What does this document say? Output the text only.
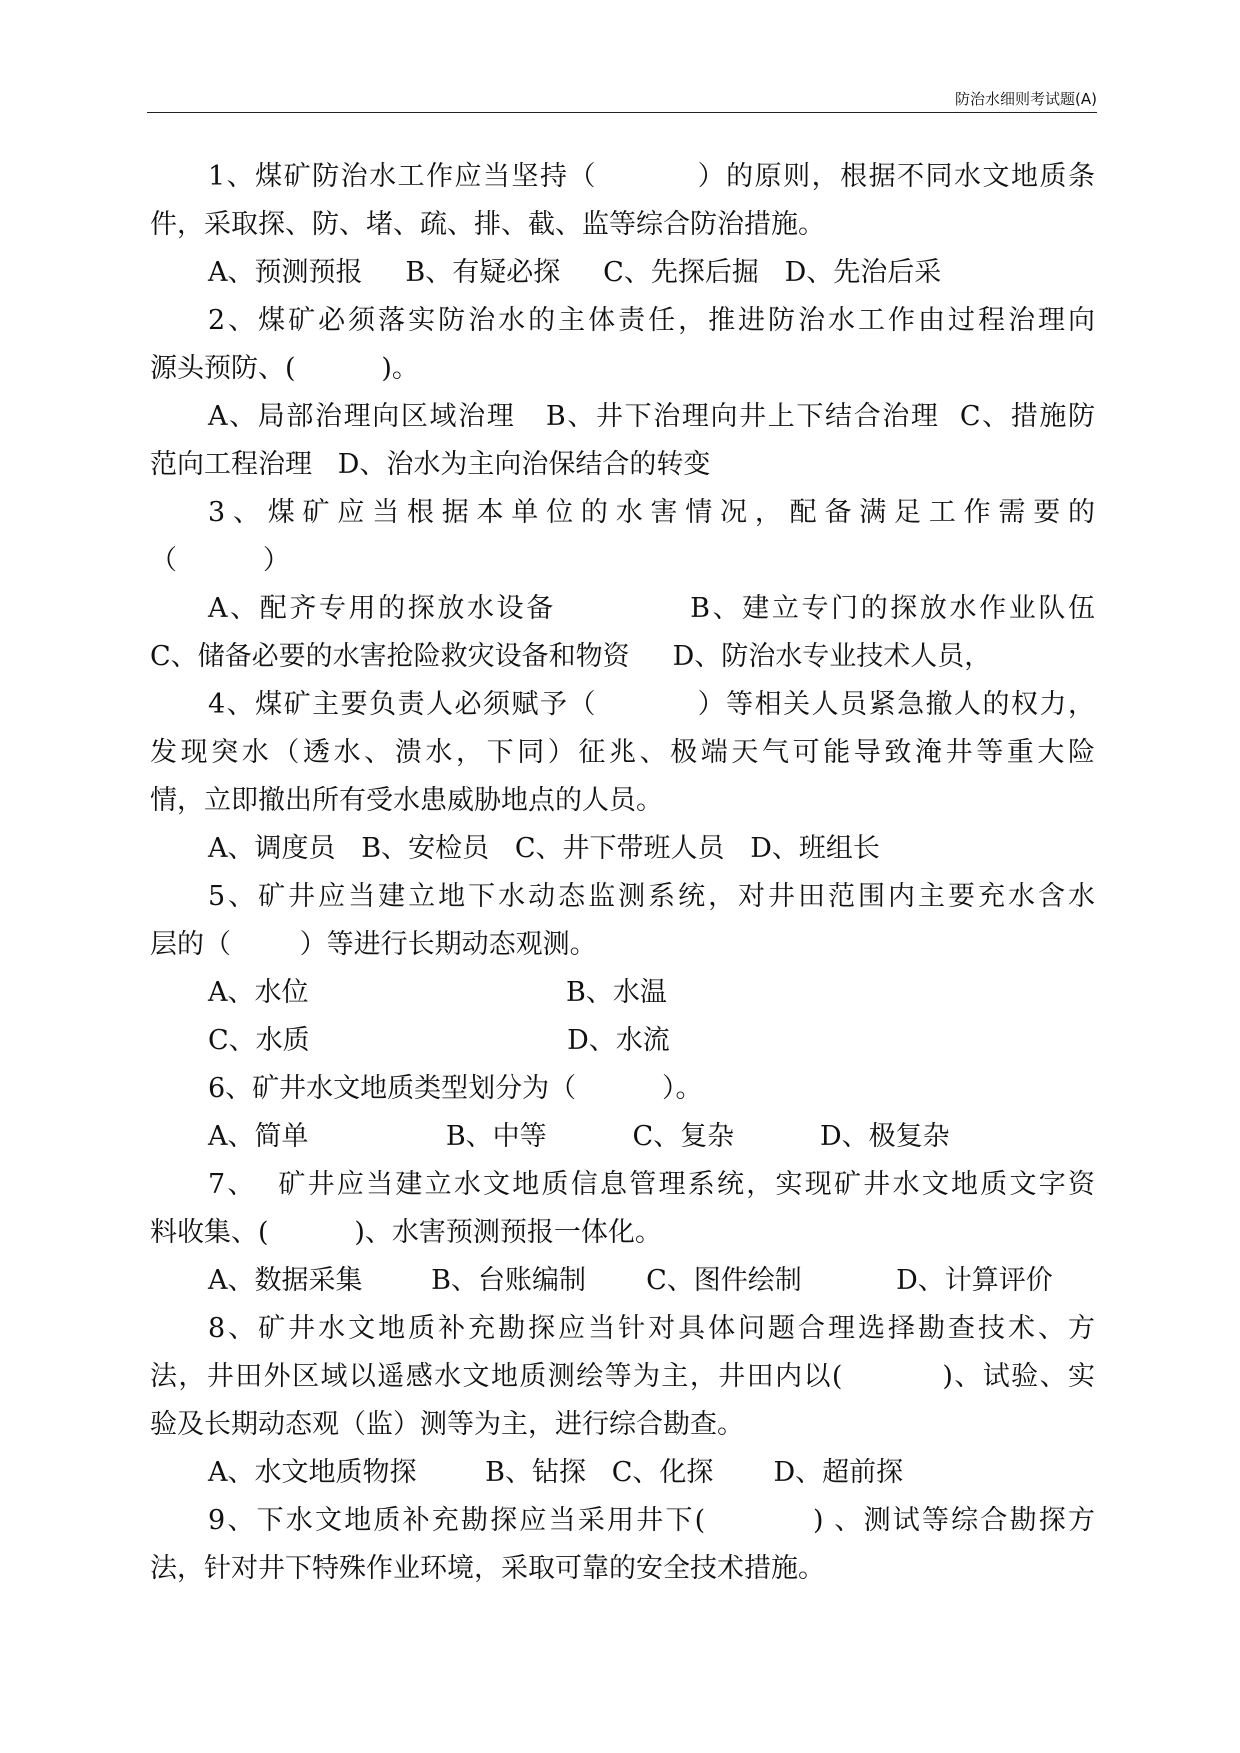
防治水细则考试题(A)
1、煤矿防治水工作应当坚持（          ）的原则，根据不同水文地质条
件，采取探、防、堵、疏、排、截、监等综合防治措施。
A、预测预报     B、有疑必探     C、先探后掘   D、先治后采
2、煤矿必须落实防治水的主体责任，推进防治水工作由过程治理向
源头预防、(          )。
A、局部治理向区域治理   B、井下治理向井上下结合治理  C、措施防
范向工程治理   D、治水为主向治保结合的转变
3、煤矿应当根据本单位的水害情况，配备满足工作需要的
（          ）
A、配齐专用的探放水设备            B、建立专门的探放水作业队伍
C、储备必要的水害抢险救灾设备和物资     D、防治水专业技术人员，
4、煤矿主要负责人必须赋予（          ）等相关人员紧急撤人的权力，
发现突水（透水、溃水，下同）征兆、极端天气可能导致淹井等重大险
情，立即撤出所有受水患威胁地点的人员。
A、调度员   B、安检员   C、井下带班人员   D、班组长
5、矿井应当建立地下水动态监测系统，对井田范围内主要充水含水
层的（        ）等进行长期动态观测。
A、水位                              B、水温
C、水质                              D、水流
6、矿井水文地质类型划分为（          ）。
A、简单                B、中等          C、复杂          D、极复杂
7、  矿井应当建立水文地质信息管理系统，实现矿井水文地质文字资
料收集、(          )、水害预测预报一体化。
A、数据采集        B、台账编制       C、图件绘制           D、计算评价
8、矿井水文地质补充勘探应当针对具体问题合理选择勘查技术、方
法，井田外区域以遥感水文地质测绘等为主，井田内以(          )、试验、实
验及长期动态观（监）测等为主，进行综合勘查。
A、水文地质物探        B、钻探   C、化探       D、超前探
9、下水文地质补充勘探应当采用井下(          ) 、测试等综合勘探方
法，针对井下特殊作业环境，采取可靠的安全技术措施。
